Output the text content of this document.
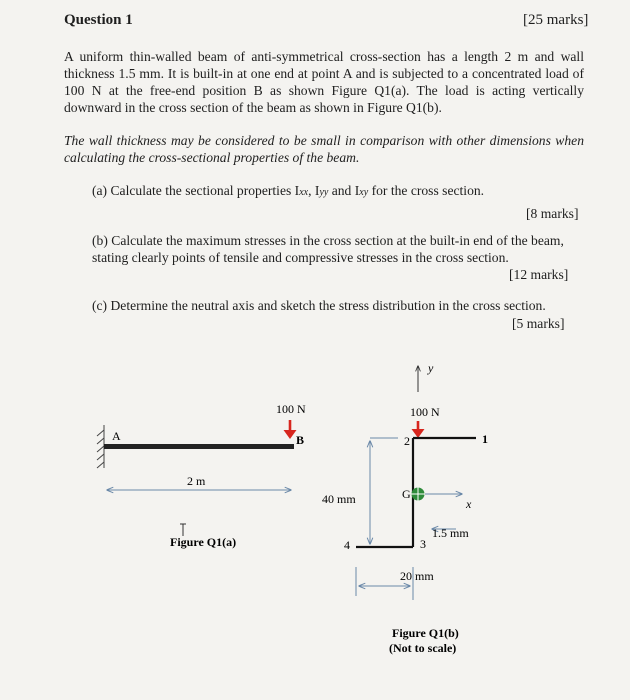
Question 1	[25 marks]
A uniform thin-walled beam of anti-symmetrical cross-section has a length 2 m and wall thickness 1.5 mm. It is built-in at one end at point A and is subjected to a concentrated load of 100 N at the free-end position B as shown Figure Q1(a). The load is acting vertically downward in the cross section of the beam as shown in Figure Q1(b).
The wall thickness may be considered to be small in comparison with other dimensions when calculating the cross-sectional properties of the beam.
(a) Calculate the sectional properties Ixx, Iyy and Ixy for the cross section.
[8 marks]
(b) Calculate the maximum stresses in the cross section at the built-in end of the beam, stating clearly points of tensile and compressive stresses in the cross section.
[12 marks]
(c) Determine the neutral axis and sketch the stress distribution in the cross section.
[5 marks]
A	B
100 N
2 m
Figure Q1(a)
y
100 N
1
2
3
4
40 mm	x
G
1.5 mm
20 mm
Figure Q1(b)
(Not to scale)
